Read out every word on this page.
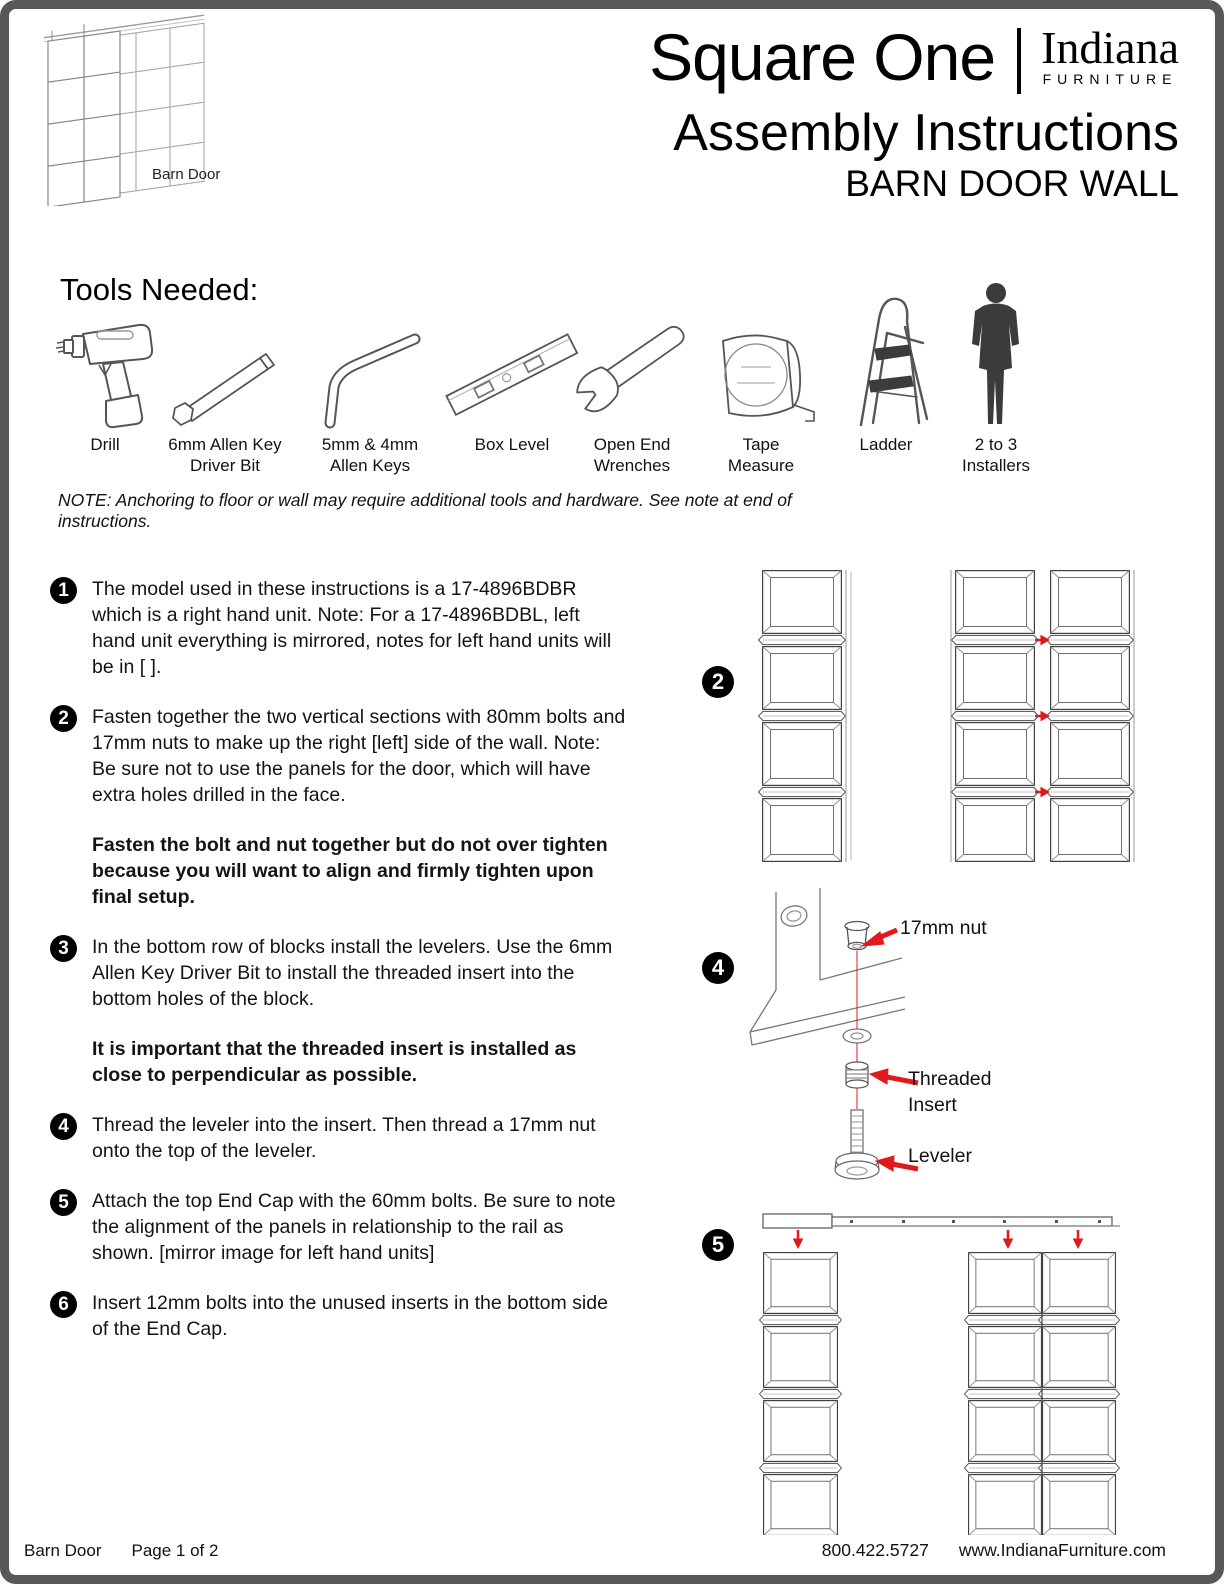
Barn Door
Square One Indiana
FURNITURE
Assembly Instructions
BARN DOOR WALL
Tools Needed:
Drill	6mm Allen Key Driver Bit
5mm & 4mm Allen Keys
Box Level	Open End Wrenches
Tape Measure
Ladder	2 to 3 Installers
NOTE: Anchoring to floor or wall may require additional tools and hardware. See note at end of instructions.
1	The model used in these instructions is a 17-4896BDBR which is a right hand unit. Note: For a 17-4896BDBL, left hand unit everything is mirrored, notes for left hand units will be in [ ].
2	Fasten together the two vertical sections with 80mm bolts and 17mm nuts to make up the right [left] side of the wall. Note: Be sure not to use the panels for the door, which will have extra holes drilled in the face.
Fasten the bolt and nut together but do not over tighten because you will want to align and firmly tighten upon final setup.
3	In the bottom row of blocks install the levelers. Use the 6mm Allen Key Driver Bit to install the threaded insert into the bottom holes of the block.
It is important that the threaded insert is installed as close to perpendicular as possible.
4	Thread the leveler into the insert. Then thread a 17mm nut onto the top of the leveler.
5	Attach the top End Cap with the 60mm bolts. Be sure to note the alignment of the panels in relationship to the rail as shown. [mirror image for left hand units]
6	Insert 12mm bolts into the unused inserts in the bottom side of the End Cap.
2
4
17mm nut
Threaded Insert
Leveler
5
Barn Door Page 1 of 2	800.422.5727 www.IndianaFurniture.com
